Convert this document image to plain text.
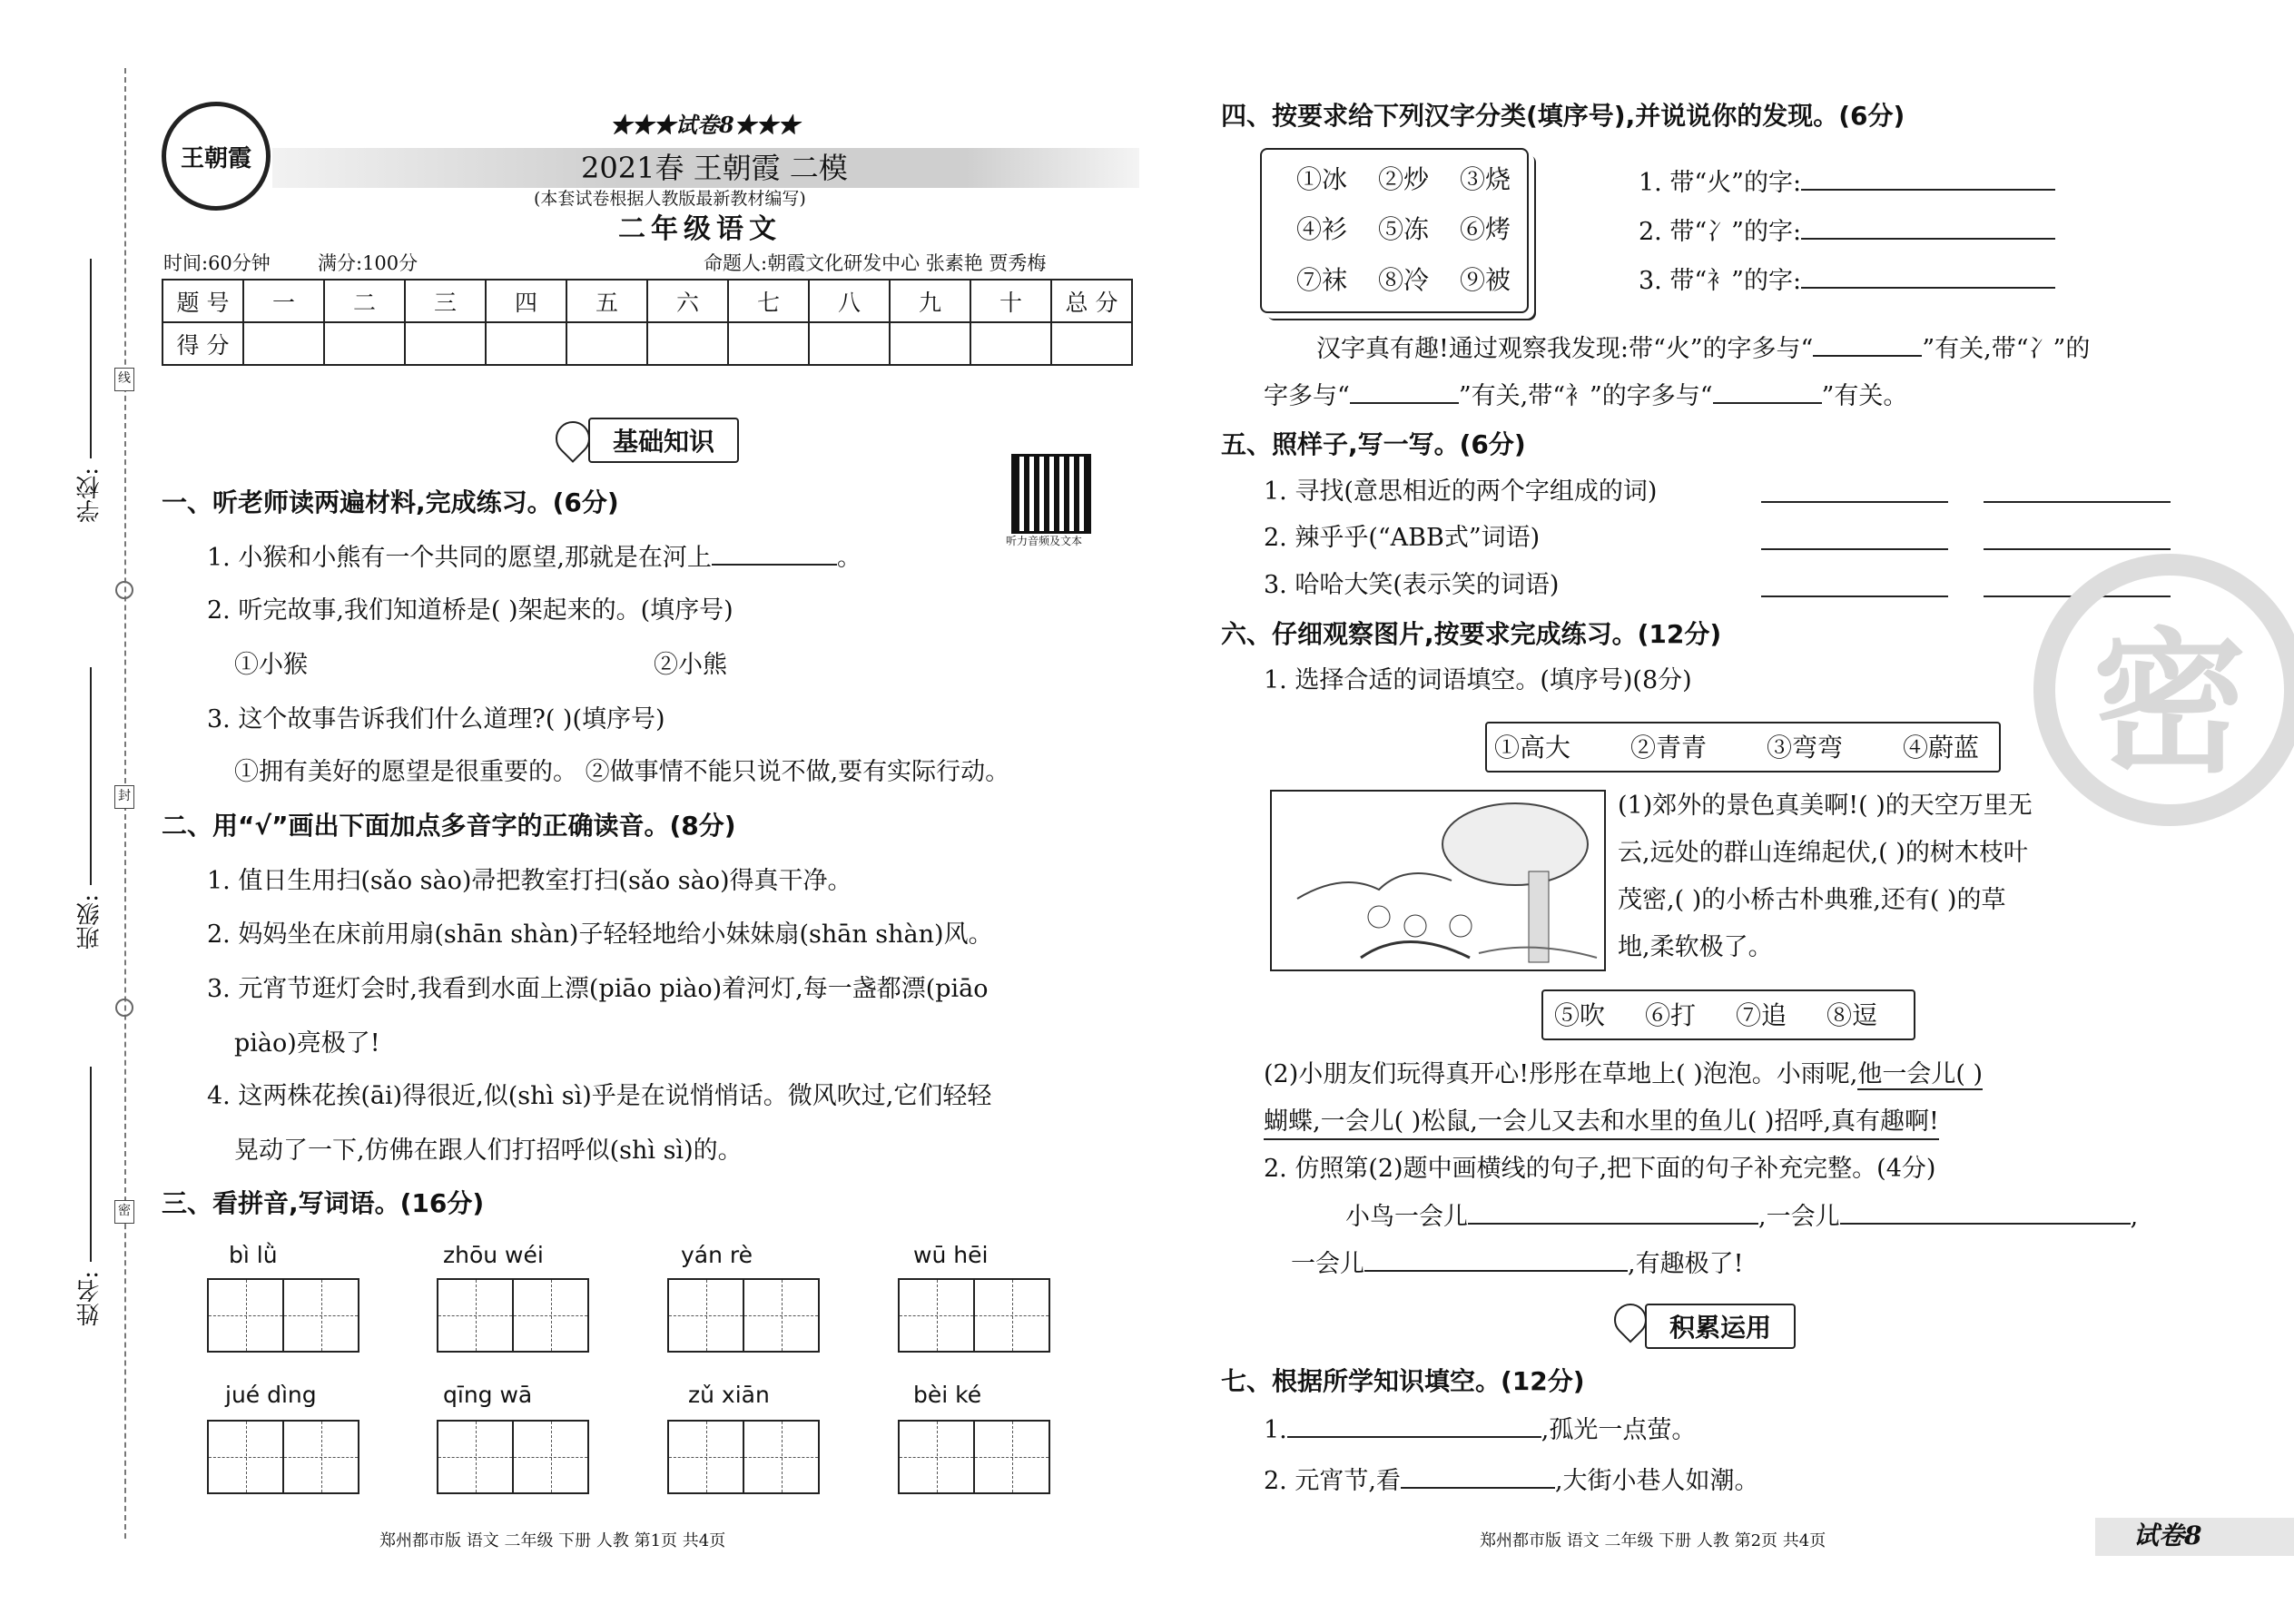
学校:
班级:
姓名:
线
封
密
王朝霞
★★★试卷8★★★
2021春 王朝霞 二模
(本套试卷根据人教版最新教材编写)
二年级语文
时间:60分钟 满分:100分	命题人:朝霞文化研发中心 张素艳 贾秀梅
题 号	一	二	三	四	五	六	七	八	九	十	总 分
得 分											
基础知识
听力音频及文本
一、听老师读两遍材料,完成练习。(6分)
1. 小猴和小熊有一个共同的愿望,那就是在河上	。
2. 听完故事,我们知道桥是( )架起来的。(填序号)
①小猴	②小熊
3. 这个故事告诉我们什么道理?( )(填序号)
①拥有美好的愿望是很重要的。 ②做事情不能只说不做,要有实际行动。
二、用“√”画出下面加点多音字的正确读音。(8分)
1. 值日生用扫(sǎo sào)帚把教室打扫(sǎo sào)得真干净。
2. 妈妈坐在床前用扇(shān shàn)子轻轻地给小妹妹扇(shān shàn)风。
3. 元宵节逛灯会时,我看到水面上漂(piāo piào)着河灯,每一盏都漂(piāo
piào)亮极了!
4. 这两株花挨(āi)得很近,似(shì sì)乎是在说悄悄话。微风吹过,它们轻轻
晃动了一下,仿佛在跟人们打招呼似(shì sì)的。
三、看拼音,写词语。(16分)
bì lǜ	zhōu wéi	yán rè	wū hēi
jué dìng	qīng wā	zǔ xiān	bèi ké
郑州都市版 语文 二年级 下册 人教 第1页 共4页
四、按要求给下列汉字分类(填序号),并说说你的发现。(6分)
①冰 ②炒 ③烧
④衫 ⑤冻 ⑥烤
⑦袜 ⑧冷 ⑨被
1. 带“火”的字:
2. 带“冫”的字:
3. 带“衤”的字:
汉字真有趣!通过观察我发现:带“火”的字多与“	”有关,带“冫”的
字多与“	”有关,带“衤”的字多与“	”有关。
五、照样子,写一写。(6分)
1. 寻找(意思相近的两个字组成的词)
2. 辣乎乎(“ABB式”词语)
3. 哈哈大笑(表示笑的词语)
六、仔细观察图片,按要求完成练习。(12分)
1. 选择合适的词语填空。(填序号)(8分)
①高大 ②青青 ③弯弯 ④蔚蓝
(1)郊外的景色真美啊!( )的天空万里无
云,远处的群山连绵起伏,( )的树木枝叶
茂密,( )的小桥古朴典雅,还有( )的草
地,柔软极了。
⑤吹 ⑥打 ⑦追 ⑧逗
(2)小朋友们玩得真开心!彤彤在草地上( )泡泡。小雨呢,他一会儿( )
蝴蝶,一会儿( )松鼠,一会儿又去和水里的鱼儿( )招呼,真有趣啊!
2. 仿照第(2)题中画横线的句子,把下面的句子补充完整。(4分)
小鸟一会儿	,一会儿	,
一会儿	,有趣极了!
积累运用
七、根据所学知识填空。(12分)
1.	,孤光一点萤。
2. 元宵节,看	,大街小巷人如潮。
郑州都市版 语文 二年级 下册 人教 第2页 共4页	试卷8
密
